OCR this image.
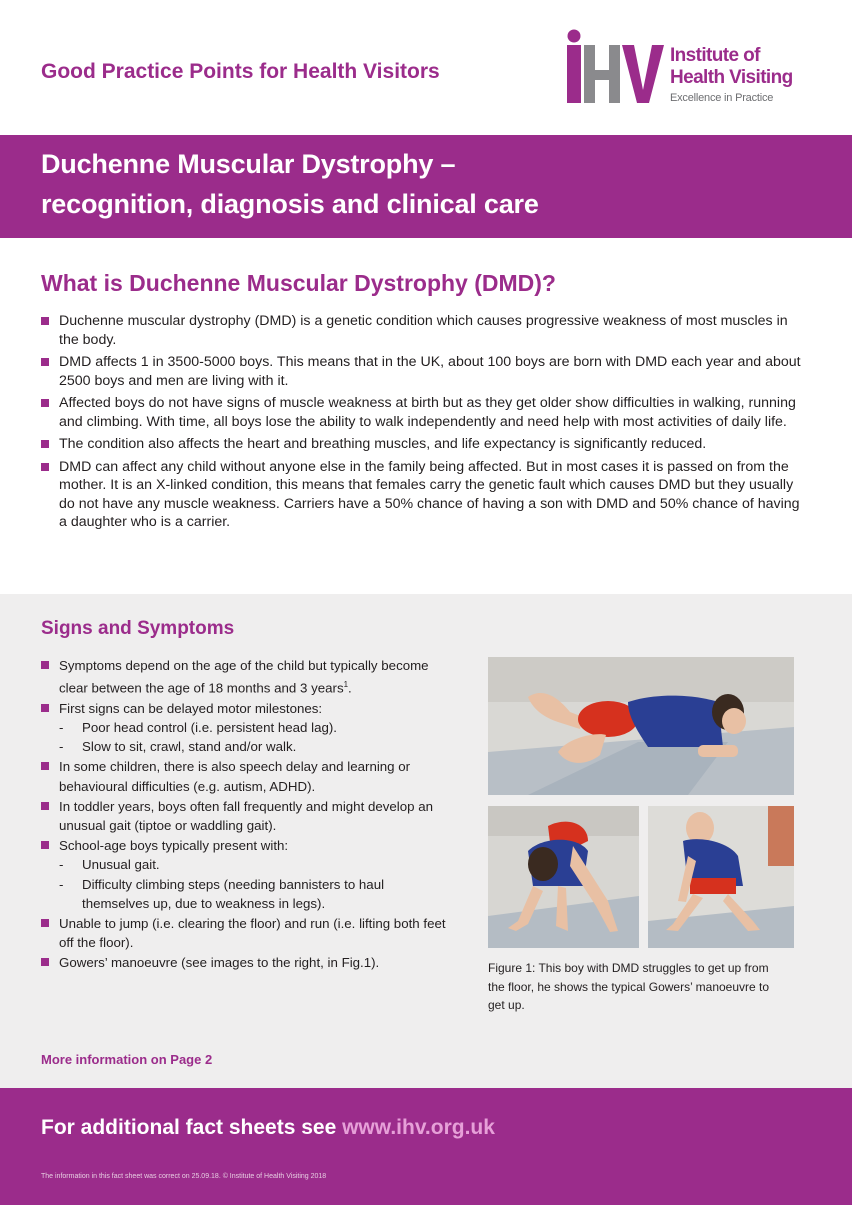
Good Practice Points for Health Visitors
Institute of
Health Visiting
Excellence in Practice
Duchenne Muscular Dystrophy –
recognition, diagnosis and clinical care
What is Duchenne Muscular Dystrophy (DMD)?
Duchenne muscular dystrophy (DMD) is a genetic condition which causes progressive weakness of most muscles in the body.
DMD affects 1 in 3500-5000 boys. This means that in the UK, about 100 boys are born with DMD each year and about 2500 boys and men are living with it.
Affected boys do not have signs of muscle weakness at birth but as they get older show difficulties in walking, running and climbing. With time, all boys lose the ability to walk independently and need help with most activities of daily life.
The condition also affects the heart and breathing muscles, and life expectancy is significantly reduced.
DMD can affect any child without anyone else in the family being affected. But in most cases it is passed on from the mother. It is an X-linked condition, this means that females carry the genetic fault which causes DMD but they usually do not have any muscle weakness. Carriers have a 50% chance of having a son with DMD and 50% chance of having a daughter who is a carrier.
Signs and Symptoms
Symptoms depend on the age of the child but typically become clear between the age of 18 months and 3 years$^1$.
First signs can be delayed motor milestones:
- Poor head control (i.e. persistent head lag).
- Slow to sit, crawl, stand and/or walk.
In some children, there is also speech delay and learning or behavioural difficulties (e.g. autism, ADHD).
In toddler years, boys often fall frequently and might develop an unusual gait (tiptoe or waddling gait).
School-age boys typically present with:
- Unusual gait.
- Difficulty climbing steps (needing bannisters to haul themselves up, due to weakness in legs).
Unable to jump (i.e. clearing the floor) and run (i.e. lifting both feet off the floor).
Gowers’ manoeuvre (see images to the right, in Fig.1).	Figure 1: This boy with DMD struggles to get up from the floor, he shows the typical Gowers’ manoeuvre to get up.

More information on Page 2
For additional fact sheets see www.ihv.org.uk
The information in this fact sheet was correct on 25.09.18. © Institute of Health Visiting 2018
